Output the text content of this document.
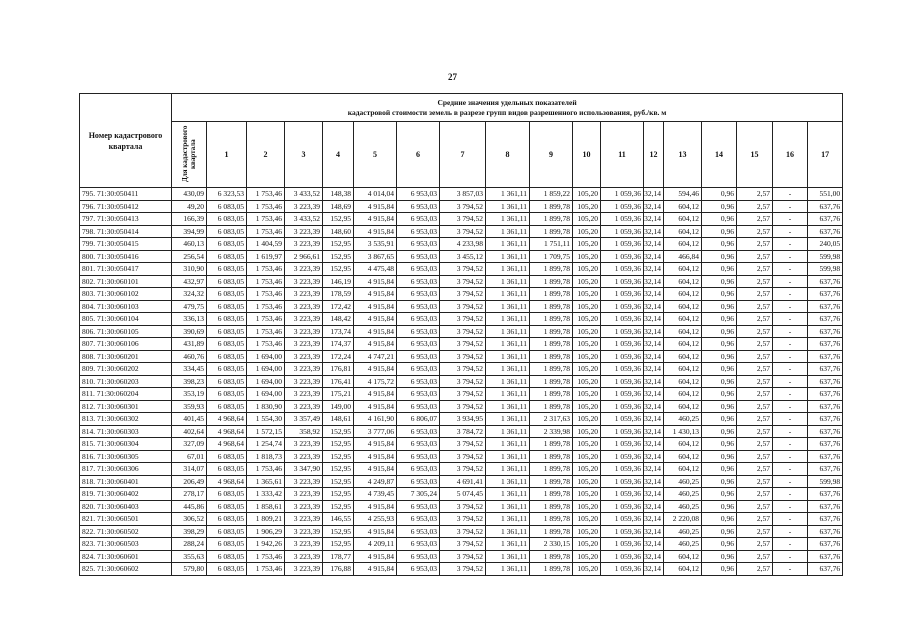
27
Номер кадастрового квартала	Средние значения удельных показателей
кадастровой стоимости земель в разрезе групп видов разрешенного использования, руб./кв. м																	
	Для кадастрового квартала	1	2	3	4	5	6	7	8	9	10	11	12	13	14	15	16	17
795. 71:30:050411	430,09	6 323,53	1 753,46	3 433,52	148,38	4 014,04	6 953,03	3 857,03	1 361,11	1 859,22	105,20	1 059,36	32,14	594,46	0,96	2,57	-	551,00
796. 71:30:050412	49,20	6 083,05	1 753,46	3 223,39	148,69	4 915,84	6 953,03	3 794,52	1 361,11	1 899,78	105,20	1 059,36	32,14	604,12	0,96	2,57	-	637,76
797. 71:30:050413	166,39	6 083,05	1 753,46	3 433,52	152,95	4 915,84	6 953,03	3 794,52	1 361,11	1 899,78	105,20	1 059,36	32,14	604,12	0,96	2,57	-	637,76
798. 71:30:050414	394,99	6 083,05	1 753,46	3 223,39	148,60	4 915,84	6 953,03	3 794,52	1 361,11	1 899,78	105,20	1 059,36	32,14	604,12	0,96	2,57	-	637,76
799. 71:30:050415	460,13	6 083,05	1 404,59	3 223,39	152,95	3 535,91	6 953,03	4 233,98	1 361,11	1 751,11	105,20	1 059,36	32,14	604,12	0,96	2,57	-	240,05
800. 71:30:050416	256,54	6 083,05	1 619,97	2 966,61	152,95	3 867,65	6 953,03	3 455,12	1 361,11	1 709,75	105,20	1 059,36	32,14	466,84	0,96	2,57	-	599,98
801. 71:30:050417	310,90	6 083,05	1 753,46	3 223,39	152,95	4 475,48	6 953,03	3 794,52	1 361,11	1 899,78	105,20	1 059,36	32,14	604,12	0,96	2,57	-	599,98
802. 71:30:060101	432,97	6 083,05	1 753,46	3 223,39	146,19	4 915,84	6 953,03	3 794,52	1 361,11	1 899,78	105,20	1 059,36	32,14	604,12	0,96	2,57	-	637,76
803. 71:30:060102	324,32	6 083,05	1 753,46	3 223,39	178,59	4 915,84	6 953,03	3 794,52	1 361,11	1 899,78	105,20	1 059,36	32,14	604,12	0,96	2,57	-	637,76
804. 71:30:060103	479,75	6 083,05	1 753,46	3 223,39	172,42	4 915,84	6 953,03	3 794,52	1 361,11	1 899,78	105,20	1 059,36	32,14	604,12	0,96	2,57	-	637,76
805. 71:30:060104	336,13	6 083,05	1 753,46	3 223,39	148,42	4 915,84	6 953,03	3 794,52	1 361,11	1 899,78	105,20	1 059,36	32,14	604,12	0,96	2,57	-	637,76
806. 71:30:060105	390,69	6 083,05	1 753,46	3 223,39	173,74	4 915,84	6 953,03	3 794,52	1 361,11	1 899,78	105,20	1 059,36	32,14	604,12	0,96	2,57	-	637,76
807. 71:30:060106	431,89	6 083,05	1 753,46	3 223,39	174,37	4 915,84	6 953,03	3 794,52	1 361,11	1 899,78	105,20	1 059,36	32,14	604,12	0,96	2,57	-	637,76
808. 71:30:060201	460,76	6 083,05	1 694,00	3 223,39	172,24	4 747,21	6 953,03	3 794,52	1 361,11	1 899,78	105,20	1 059,36	32,14	604,12	0,96	2,57	-	637,76
809. 71:30:060202	334,45	6 083,05	1 694,00	3 223,39	176,81	4 915,84	6 953,03	3 794,52	1 361,11	1 899,78	105,20	1 059,36	32,14	604,12	0,96	2,57	-	637,76
810. 71:30:060203	398,23	6 083,05	1 694,00	3 223,39	176,41	4 175,72	6 953,03	3 794,52	1 361,11	1 899,78	105,20	1 059,36	32,14	604,12	0,96	2,57	-	637,76
811. 71:30:060204	353,19	6 083,05	1 694,00	3 223,39	175,21	4 915,84	6 953,03	3 794,52	1 361,11	1 899,78	105,20	1 059,36	32,14	604,12	0,96	2,57	-	637,76
812. 71:30:060301	359,93	6 083,05	1 830,90	3 223,39	149,00	4 915,84	6 953,03	3 794,52	1 361,11	1 899,78	105,20	1 059,36	32,14	604,12	0,96	2,57	-	637,76
813. 71:30:060302	401,45	4 968,64	1 554,30	3 357,49	148,61	4 161,90	6 806,07	3 934,95	1 361,11	2 317,63	105,20	1 059,36	32,14	460,25	0,96	2,57	-	637,76
814. 71:30:060303	402,64	4 968,64	1 572,15	358,92	152,95	3 777,06	6 953,03	3 784,72	1 361,11	2 339,98	105,20	1 059,36	32,14	1 430,13	0,96	2,57	-	637,76
815. 71:30:060304	327,09	4 968,64	1 254,74	3 223,39	152,95	4 915,84	6 953,03	3 794,52	1 361,11	1 899,78	105,20	1 059,36	32,14	604,12	0,96	2,57	-	637,76
816. 71:30:060305	67,01	6 083,05	1 818,73	3 223,39	152,95	4 915,84	6 953,03	3 794,52	1 361,11	1 899,78	105,20	1 059,36	32,14	604,12	0,96	2,57	-	637,76
817. 71:30:060306	314,07	6 083,05	1 753,46	3 347,90	152,95	4 915,84	6 953,03	3 794,52	1 361,11	1 899,78	105,20	1 059,36	32,14	604,12	0,96	2,57	-	637,76
818. 71:30:060401	206,49	4 968,64	1 365,61	3 223,39	152,95	4 249,87	6 953,03	4 691,41	1 361,11	1 899,78	105,20	1 059,36	32,14	460,25	0,96	2,57	-	599,98
819. 71:30:060402	278,17	6 083,05	1 333,42	3 223,39	152,95	4 739,45	7 305,24	5 074,45	1 361,11	1 899,78	105,20	1 059,36	32,14	460,25	0,96	2,57	-	637,76
820. 71:30:060403	445,86	6 083,05	1 858,61	3 223,39	152,95	4 915,84	6 953,03	3 794,52	1 361,11	1 899,78	105,20	1 059,36	32,14	460,25	0,96	2,57	-	637,76
821. 71:30:060501	306,52	6 083,05	1 809,21	3 223,39	146,55	4 255,93	6 953,03	3 794,52	1 361,11	1 899,78	105,20	1 059,36	32,14	2 220,08	0,96	2,57	-	637,76
822. 71:30:060502	398,29	6 083,05	1 906,29	3 223,39	152,95	4 915,84	6 953,03	3 794,52	1 361,11	1 899,78	105,20	1 059,36	32,14	460,25	0,96	2,57	-	637,76
823. 71:30:060503	288,24	6 083,05	1 942,26	3 223,39	152,95	4 209,11	6 953,03	3 794,52	1 361,11	2 330,15	105,20	1 059,36	32,14	460,25	0,96	2,57	-	637,76
824. 71:30:060601	355,63	6 083,05	1 753,46	3 223,39	178,77	4 915,84	6 953,03	3 794,52	1 361,11	1 899,78	105,20	1 059,36	32,14	604,12	0,96	2,57	-	637,76
825. 71:30:060602	579,80	6 083,05	1 753,46	3 223,39	176,88	4 915,84	6 953,03	3 794,52	1 361,11	1 899,78	105,20	1 059,36	32,14	604,12	0,96	2,57	-	637,76
